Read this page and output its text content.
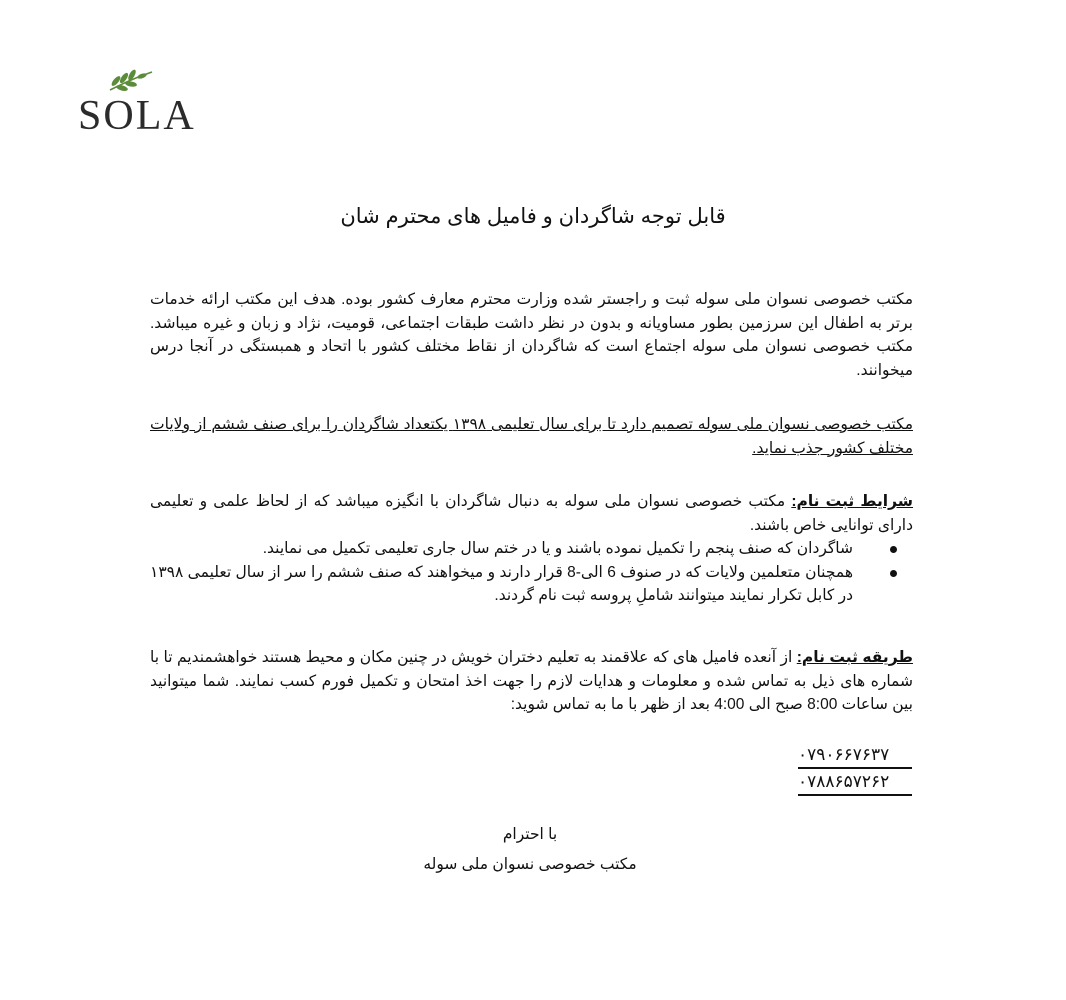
SOLA
قابل توجه شاگردان و فامیل های محترم شان
مکتب خصوصی نسوان ملی سوله ثبت و راجستر شده وزارت محترم معارف کشور بوده. هدف این مکتب ارائه خدمات برتر به اطفال این سرزمین بطور مساویانه و بدون در نظر داشت طبقات اجتماعی، قومیت، نژاد و زبان و غیره میباشد. مکتب خصوصی نسوان ملی سوله اجتماع است که شاگردان از نقاط مختلف کشور با اتحاد و همبستگی در آنجا درس میخوانند.
مکتب خصوصی نسوان ملی سوله تصمیم دارد تا برای سال تعلیمی ۱۳۹۸ یکتعداد شاگردان را برای صنف ششم از ولایات مختلف کشور جذب نماید.
شرایط ثبت نام: مکتب خصوصی نسوان ملی سوله به دنبال شاگردان با انگیزه میباشد که از لحاظ علمی و تعلیمی دارای توانایی خاص باشند.
شاگردان که صنف پنجم را تکمیل نموده باشند و یا در ختم سال جاری تعلیمی تکمیل می نمایند.
همچنان متعلمین ولایات که در صنوف 6 الی-8 قرار دارند و میخواهند که صنف ششم را سر از سال تعلیمی ۱۳۹۸ در کابل تکرار نمایند میتوانند شاملِ پروسه ثبت نام گردند.
طریقه ثبت نام: از آنعده فامیل های که علاقمند به تعلیم دختران خویش در چنین مکان و محیط هستند خواهشمندیم تا با شماره های ذیل به تماس شده و معلومات و هدایات لازم را جهت اخذ امتحان و تکمیل فورم کسب نمایند. شما میتوانید بین ساعات 8:00 صبح الی 4:00 بعد از ظهر با ما به تماس شوید:
۰۷۹۰۶۶۷۶۳۷
۰۷۸۸۶۵۷۲۶۲
با احترام
مکتب خصوصی نسوان ملی سوله
